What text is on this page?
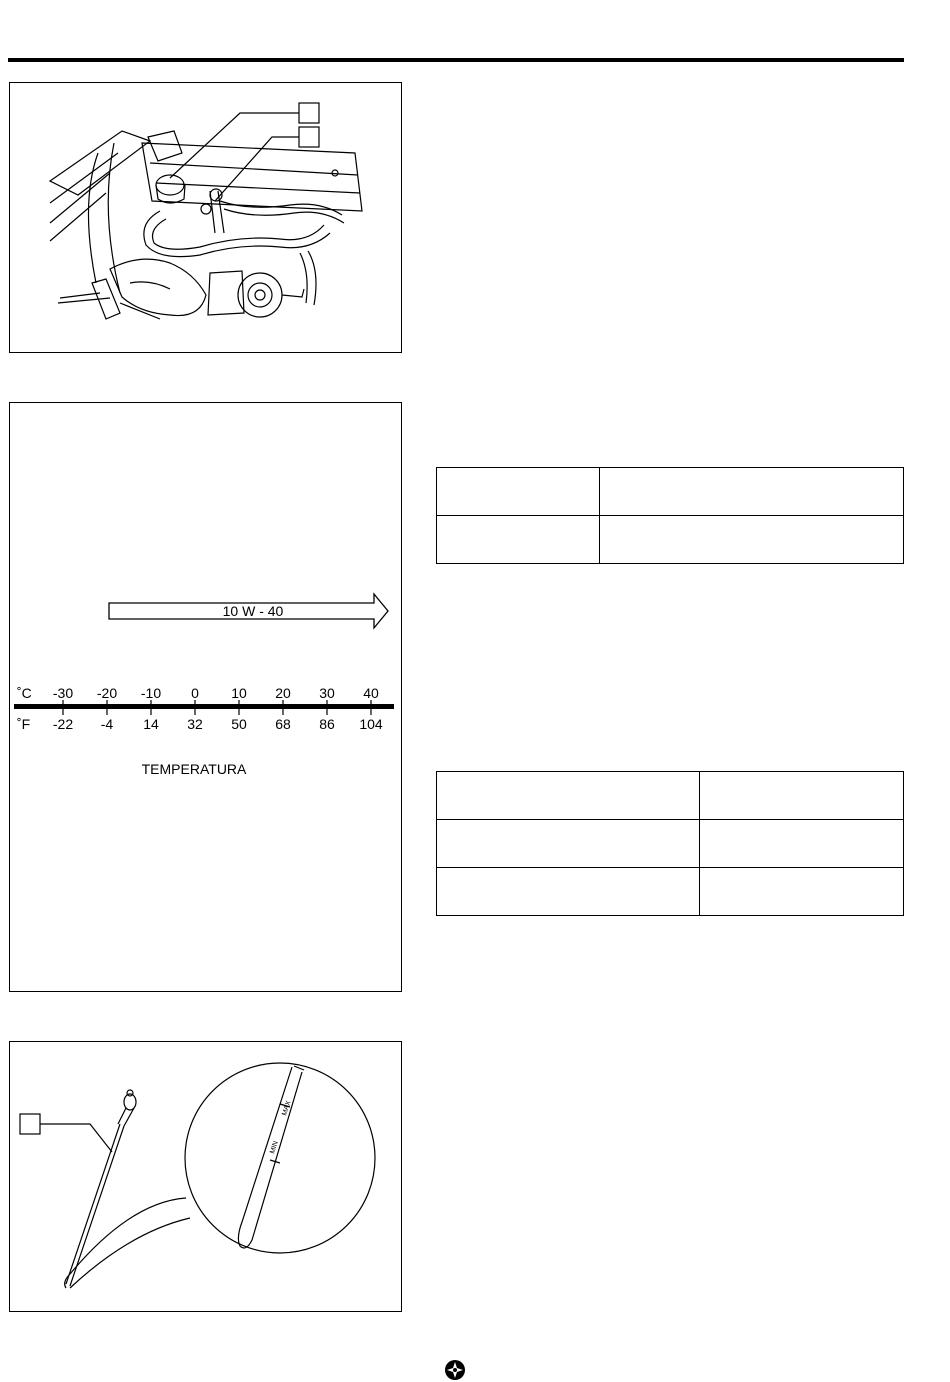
10 W - 40
˚C
˚F
-30 -20 -10 0 10 20 30 40
-22 -4 14 32 50 68 86 104
TEMPERATURA
MIN
MAX
